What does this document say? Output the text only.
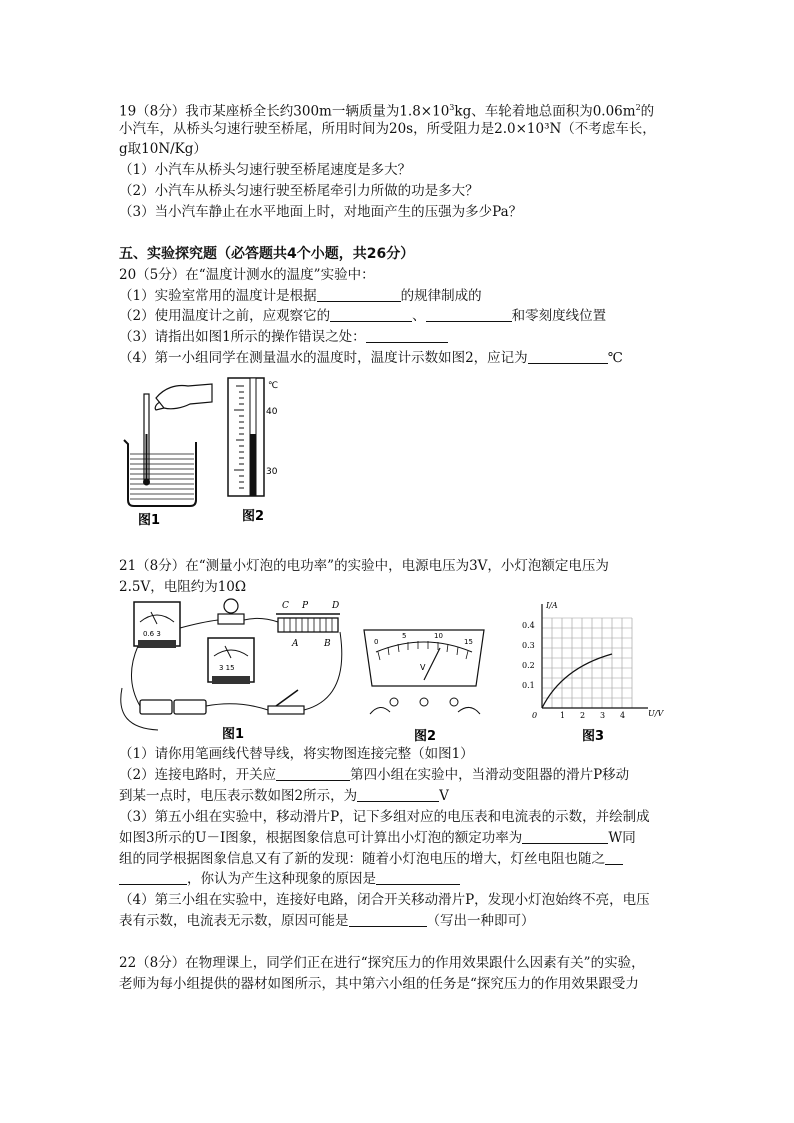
19（8分）我市某座桥全长约300m一辆质量为$1.8\times 10^3kg$、车轮着地总面积为$0.06m^2$的
小汽车，从桥头匀速行驶至桥尾，所用时间为20s，所受阻力是2.0×10³N（不考虑车长，
g取10N/Kg）
（1）小汽车从桥头匀速行驶至桥尾速度是多大？
（2）小汽车从桥头匀速行驶至桥尾牵引力所做的功是多大？
（3）当小汽车静止在水平地面上时，对地面产生的压强为多少Pa？
五、实验探究题（必答题共4个小题，共26分）
20（5分）在“温度计测水的温度”实验中：
（1）实验室常用的温度计是根据	的规律制成的
（2）使用温度计之前，应观察它的	、	和零刻度线位置
（3）请指出如图1所示的操作错误之处：
（4）第一小组同学在测量温水的温度时，温度计示数如图2，应记为	℃
图1
℃
40
30
图2
21（8分）在“测量小灯泡的电功率”的实验中，电源电压为3V，小灯泡额定电压为
2.5V，电阻约为10Ω
0.6 3
3 15
C P	D
A	B
图1
0
5	10
15
V
图2
I/A
U/V
0.4
0.3
0.2
0.1
0	1 2 3 4
图3
（1）请你用笔画线代替导线，将实物图连接完整（如图1）
（2）连接电路时，开关应	第四小组在实验中，当滑动变阻器的滑片P移动
到某一点时，电压表示数如图2所示，为	V
（3）第五小组在实验中，移动滑片P，记下多组对应的电压表和电流表的示数，并绘制成
如图3所示的U－I图象，根据图象信息可计算出小灯泡的额定功率为	W同
组的同学根据图象信息又有了新的发现：随着小灯泡电压的增大，灯丝电阻也随之
，你认为产生这种现象的原因是
（4）第三小组在实验中，连接好电路，闭合开关移动滑片P，发现小灯泡始终不亮，电压
表有示数，电流表无示数，原因可能是	（写出一种即可）
22（8分）在物理课上，同学们正在进行“探究压力的作用效果跟什么因素有关”的实验，
老师为每小组提供的器材如图所示，其中第六小组的任务是“探究压力的作用效果跟受力
